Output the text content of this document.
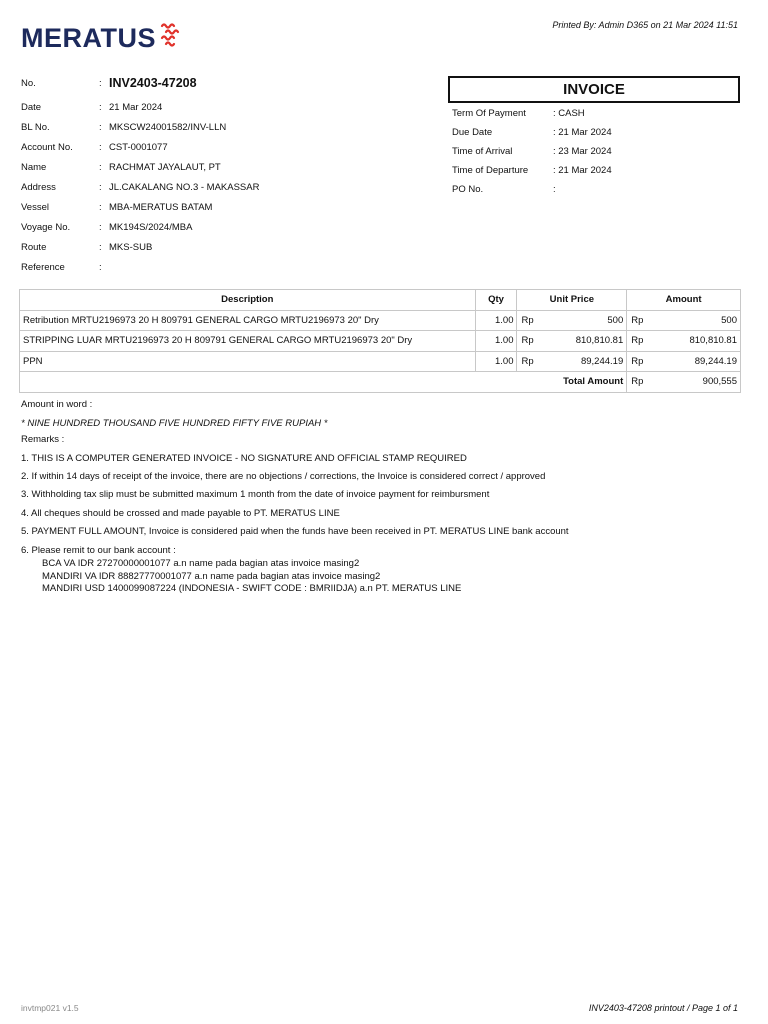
Printed By: Admin D365 on 21 Mar 2024 11:51
MERATUS
No.	: INV2403-47208
Date	: 21 Mar 2024
BL No.	: MKSCW24001582/INV-LLN
Account No.	: CST-0001077
Name	: RACHMAT JAYALAUT, PT
Address	: JL.CAKALANG NO.3 - MAKASSAR
Vessel	: MBA-MERATUS BATAM
Voyage No.	: MK194S/2024/MBA
Route	: MKS-SUB
Reference	:
INVOICE
Term Of Payment	: CASH
Due Date	: 21 Mar 2024
Time of Arrival	: 23 Mar 2024
Time of Departure	: 21 Mar 2024
PO No.	:
Description	Qty	Unit Price		Amount	
Retribution MRTU2196973 20 H 809791 GENERAL CARGO MRTU2196973 20" Dry	1.00	Rp	500	Rp	500
STRIPPING LUAR MRTU2196973 20 H 809791 GENERAL CARGO MRTU2196973 20" Dry	1.00	Rp	810,810.81	Rp	810,810.81
PPN	1.00	Rp	89,244.19	Rp	89,244.19
Total Amount				Rp	900,555
Amount in word :
* NINE HUNDRED THOUSAND FIVE HUNDRED FIFTY FIVE RUPIAH *
Remarks :
1. THIS IS A COMPUTER GENERATED INVOICE - NO SIGNATURE AND OFFICIAL STAMP REQUIRED
2. If within 14 days of receipt of the invoice, there are no objections / corrections, the Invoice is considered correct / approved
3. Withholding tax slip must be submitted maximum 1 month from the date of invoice payment for reimbursment
4. All cheques should be crossed and made payable to PT. MERATUS LINE
5. PAYMENT FULL AMOUNT, Invoice is considered paid when the funds have been received in PT. MERATUS LINE bank account
6. Please remit to our bank account :
BCA VA IDR 27270000001077 a.n name pada bagian atas invoice masing2
MANDIRI VA IDR 88827770001077 a.n name pada bagian atas invoice masing2
MANDIRI USD 1400099087224 (INDONESIA - SWIFT CODE : BMRIIDJA) a.n PT. MERATUS LINE
invtmp021 v1.5	INV2403-47208 printout / Page 1 of 1
